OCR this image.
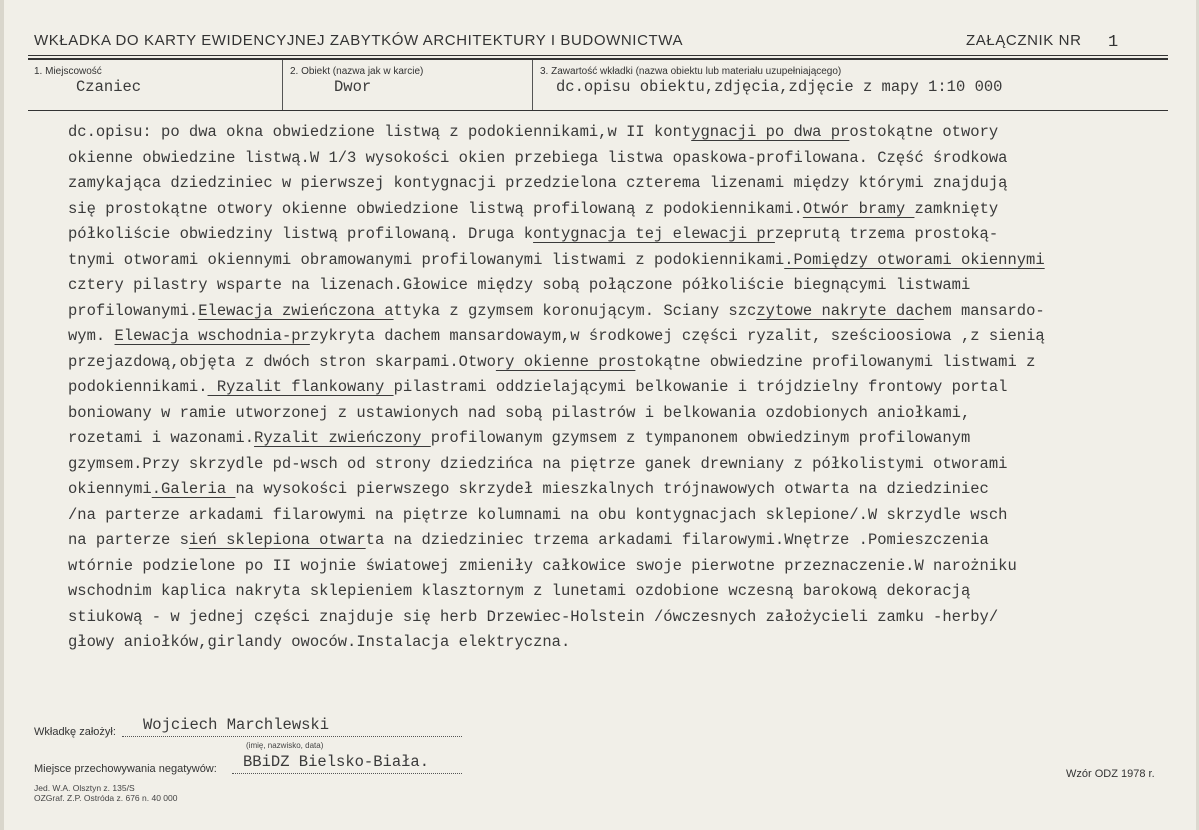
WKŁADKA DO KARTY EWIDENCYJNEJ ZABYTKÓW ARCHITEKTURY I BUDOWNICTWA	ZAŁĄCZNIK NR 1
1. Miejscowość
Czaniec
2. Obiekt (nazwa jak w karcie)
Dwor
3. Zawartość wkładki (nazwa obiektu lub materiału uzupełniającego)
dc.opisu obiektu,zdjęcia,zdjęcie z mapy 1:10 000

dc.opisu: po dwa okna obwiedzione listwą z podokiennikami,w II kontygnacji po dwa prostokątne otwory

okienne obwiedzine listwą.W 1/3 wysokości okien przebiega listwa opaskowa-profilowana. Część środkowa

zamykająca dziedziniec w pierwszej kontygnacji przedzielona czterema lizenami między którymi znajdują

się prostokątne otwory okienne obwiedzione listwą profilowaną z podokiennikami.Otwór bramy zamknięty

półkoliście obwiedziny listwą profilowaną. Druga kontygnacja tej elewacji przeprutą trzema prostoką-

tnymi otworami okiennymi obramowanymi profilowanymi listwami z podokiennikami.Pomiędzy otworami okiennymi

cztery pilastry wsparte na lizenach.Głowice między sobą połączone półkoliście biegnącymi listwami

profilowanymi.Elewacja zwieńczona attyka z gzymsem koronującym. Sciany szczytowe nakryte dachem mansardo-

wym. Elewacja wschodnia-przykryta dachem mansardowaym,w środkowej części ryzalit, sześcioosiowa ,z sienią

przejazdową,objęta z dwóch stron skarpami.Otwory okienne prostokątne obwiedzine profilowanymi listwami z

podokiennikami. Ryzalit flankowany pilastrami oddzielającymi belkowanie i trójdzielny frontowy portal

boniowany w ramie utworzonej z ustawionych nad sobą pilastrów i belkowania ozdobionych aniołkami,

rozetami i wazonami.Ryzalit zwieńczony profilowanym gzymsem z tympanonem obwiedzinym profilowanym

gzymsem.Przy skrzydle pd-wsch od strony dziedzińca na piętrze ganek drewniany z półkolistymi otworami

okiennymi.Galeria na wysokości pierwszego skrzydeł mieszkalnych trójnawowych otwarta na dziedziniec

/na parterze arkadami filarowymi na piętrze kolumnami na obu kontygnacjach sklepione/.W skrzydle wsch

na parterze sień sklepiona otwarta na dziedziniec trzema arkadami filarowymi.Wnętrze .Pomieszczenia

wtórnie podzielone po II wojnie światowej zmieniły całkowice swoje pierwotne przeznaczenie.W narożniku

wschodnim kaplica nakryta sklepieniem klasztornym z lunetami ozdobione wczesną barokową dekoracją

stiukową - w jednej części znajduje się herb Drzewiec-Holstein /ówczesnych założycieli zamku -herby/

głowy aniołków,girlandy owoców.Instalacja elektryczna.

Wkładkę założył: Wojciech Marchlewski
(imię, nazwisko, data)
Miejsce przechowywania negatywów: BBiDZ Bielsko-Biała.
Jed. W.A. Olsztyn z. 135/S
OZGraf. Z.P. Ostróda z. 676 n. 40 000
Wzór ODZ 1978 r.
